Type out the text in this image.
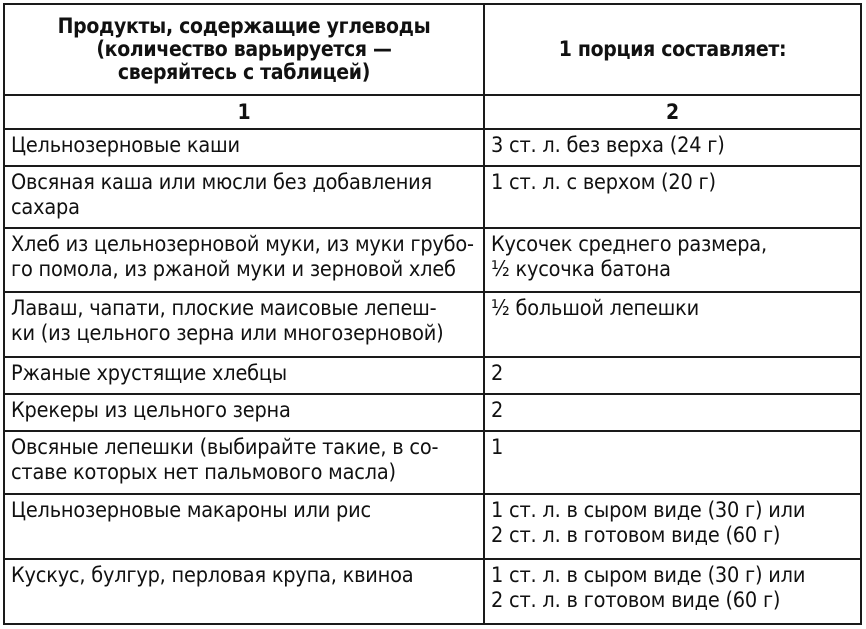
Продукты, содержащие углеводы
(количество варьируется —
сверяйтесь с таблицей)	1 порция составляет:
1	2
Цельнозерновые каши	3 ст. л. без верха (24 г)
Овсяная каша или мюсли без добавления
сахара	1 ст. л. с верхом (20 г)
Хлеб из цельнозерновой муки, из муки грубо-
го помола, из ржаной муки и зерновой хлеб	Кусочек среднего размера,
½ кусочка батона
Лаваш, чапати, плоские маисовые лепеш-
ки (из цельного зерна или многозерновой)	½ большой лепешки
Ржаные хрустящие хлебцы	2
Крекеры из цельного зерна	2
Овсяные лепешки (выбирайте такие, в со-
ставе которых нет пальмового масла)	1
Цельнозерновые макароны или рис	1 ст. л. в сыром виде (30 г) или
2 ст. л. в готовом виде (60 г)
Кускус, булгур, перловая крупа, квиноа	1 ст. л. в сыром виде (30 г) или
2 ст. л. в готовом виде (60 г)
